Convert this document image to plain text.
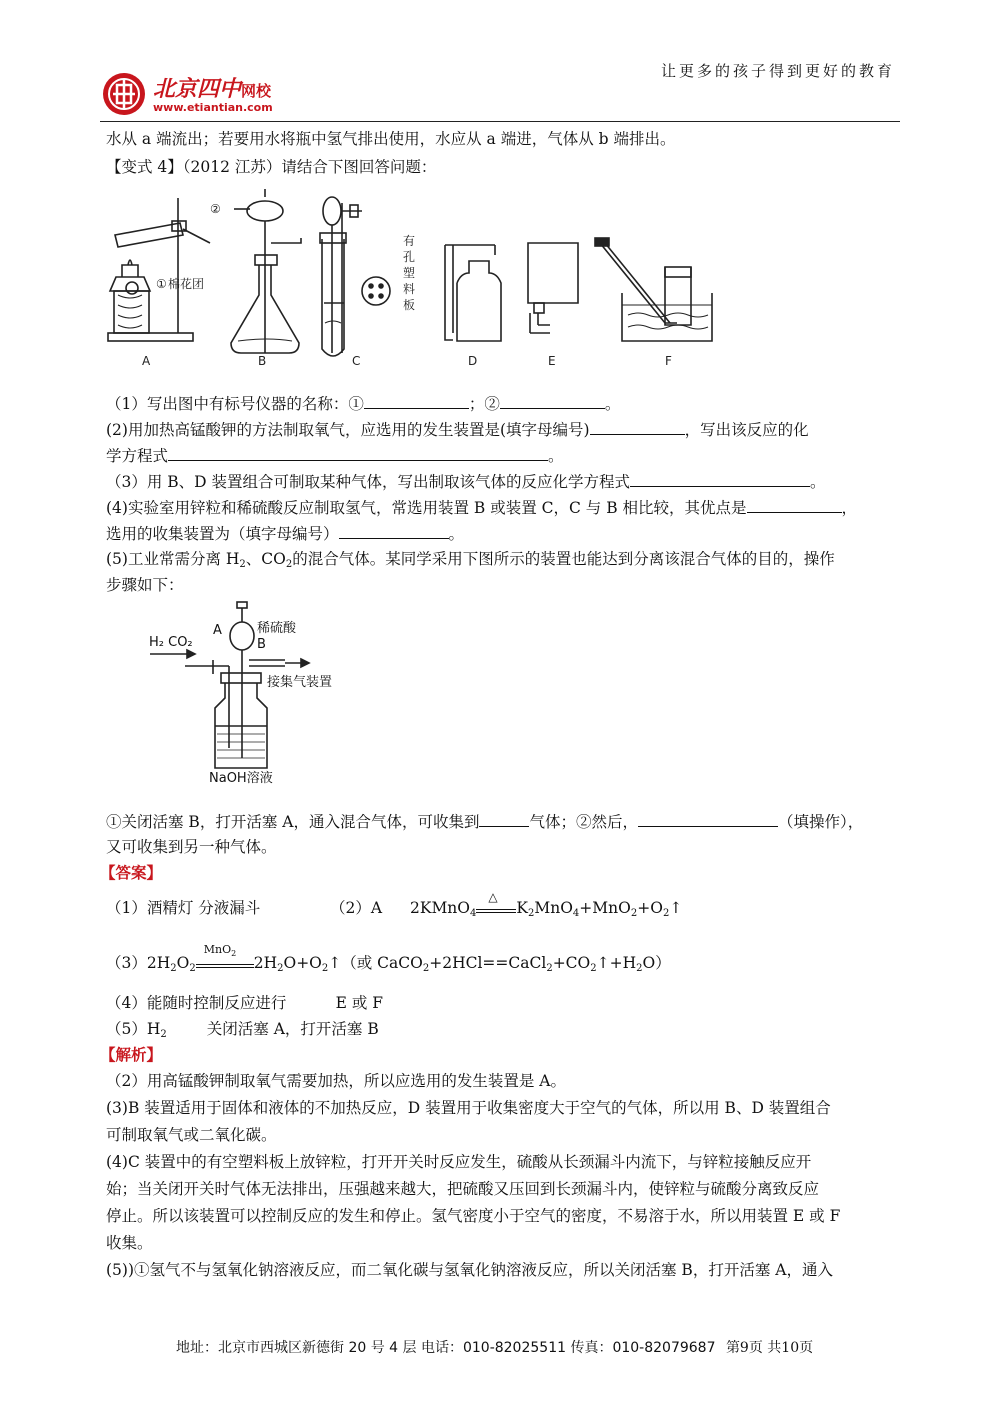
让更多的孩子得到更好的教育
北京四中网校
www.etiantian.com
水从 a 端流出；若要用水将瓶中氢气排出使用，水应从 a 端进，气体从 b 端排出。
【变式 4】（2012 江苏）请结合下图回答问题：
① 棉花团
②
有
孔
塑
料
板
A	B	C	D	E	F
（1）写出图中有标号仪器的名称：①	；②	。
(2)用加热高锰酸钾的方法制取氧气，应选用的发生装置是(填字母编号)	，写出该反应的化
学方程式	。
（3）用 B、D 装置组合可制取某种气体，写出制取该气体的反应化学方程式	。
(4)实验室用锌粒和稀硫酸反应制取氢气，常选用装置 B 或装置 C，C 与 B 相比较，其优点是	，
选用的收集装置为（填字母编号）	。
(5)工业常需分离 $H_2$、$CO_2$的混合气体。某同学采用下图所示的装置也能达到分离该混合气体的目的，操作
步骤如下：
H₂ CO₂
A
B
稀硫酸
接集气装置
NaOH溶液
①关闭活塞 B，打开活塞 A，通入混合气体，可收集到	气体；②然后，	（填操作），
又可收集到另一种气体。
【答案】
（1）酒精灯 分液漏斗	（2）A 2KMnO$_4$
△
$K_2MnO_4+MnO_2+O_2↑$
$(3)2H_2O_2$
MnO$_2$
$2H_2O+O_2↑$（或 $CaCO_2+2HCl==CaCl_2+CO_2↑+H_2O$）
（4）能随时控制反应进行          E 或 F
$(5)H_2$	关闭活塞 A，打开活塞 B
【解析】
（2）用高锰酸钾制取氧气需要加热，所以应选用的发生装置是 A。
(3)B 装置适用于固体和液体的不加热反应，D 装置用于收集密度大于空气的气体，所以用 B、D 装置组合
可制取氧气或二氧化碳。
(4)C 装置中的有空塑料板上放锌粒，打开开关时反应发生，硫酸从长颈漏斗内流下，与锌粒接触反应开
始；当关闭开关时气体无法排出，压强越来越大，把硫酸又压回到长颈漏斗内，使锌粒与硫酸分离致反应
停止。所以该装置可以控制反应的发生和停止。氢气密度小于空气的密度，不易溶于水，所以用装置 E 或 F
收集。
(5))①氢气不与氢氧化钠溶液反应，而二氧化碳与氢氧化钠溶液反应，所以关闭活塞 B，打开活塞 A，通入
地址：北京市西城区新德街 20 号 4 层 电话：010-82025511 传真：010-82079687 第9页 共10页
